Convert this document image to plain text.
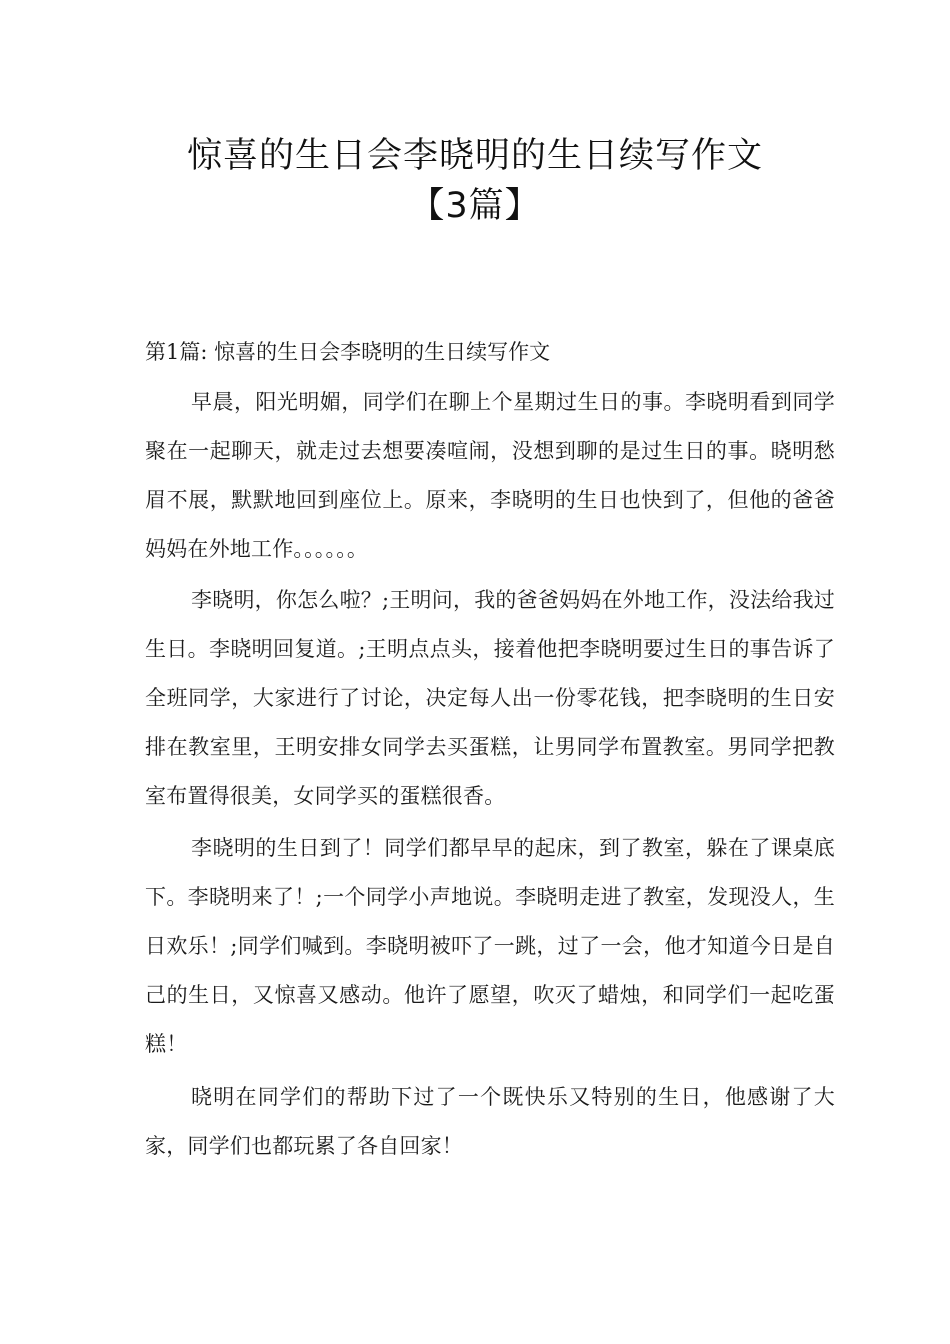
惊喜的生日会李晓明的生日续写作文
【3篇】

第1篇: 惊喜的生日会李晓明的生日续写作文

早晨，阳光明媚，同学们在聊上个星期过生日的事。李晓明看到同学聚在一起聊天，就走过去想要凑喧闹，没想到聊的是过生日的事。晓明愁眉不展，默默地回到座位上。原来，李晓明的生日也快到了，但他的爸爸妈妈在外地工作。。。。。。

李晓明，你怎么啦？;王明问，我的爸爸妈妈在外地工作，没法给我过生日。李晓明回复道。;王明点点头，接着他把李晓明要过生日的事告诉了全班同学，大家进行了讨论，决定每人出一份零花钱，把李晓明的生日安排在教室里，王明安排女同学去买蛋糕，让男同学布置教室。男同学把教室布置得很美，女同学买的蛋糕很香。

李晓明的生日到了！同学们都早早的起床，到了教室，躲在了课桌底下。李晓明来了！;一个同学小声地说。李晓明走进了教室，发现没人，生日欢乐！;同学们喊到。李晓明被吓了一跳，过了一会，他才知道今日是自己的生日，又惊喜又感动。他许了愿望，吹灭了蜡烛，和同学们一起吃蛋糕！

晓明在同学们的帮助下过了一个既快乐又特别的生日，他感谢了大家，同学们也都玩累了各自回家！
